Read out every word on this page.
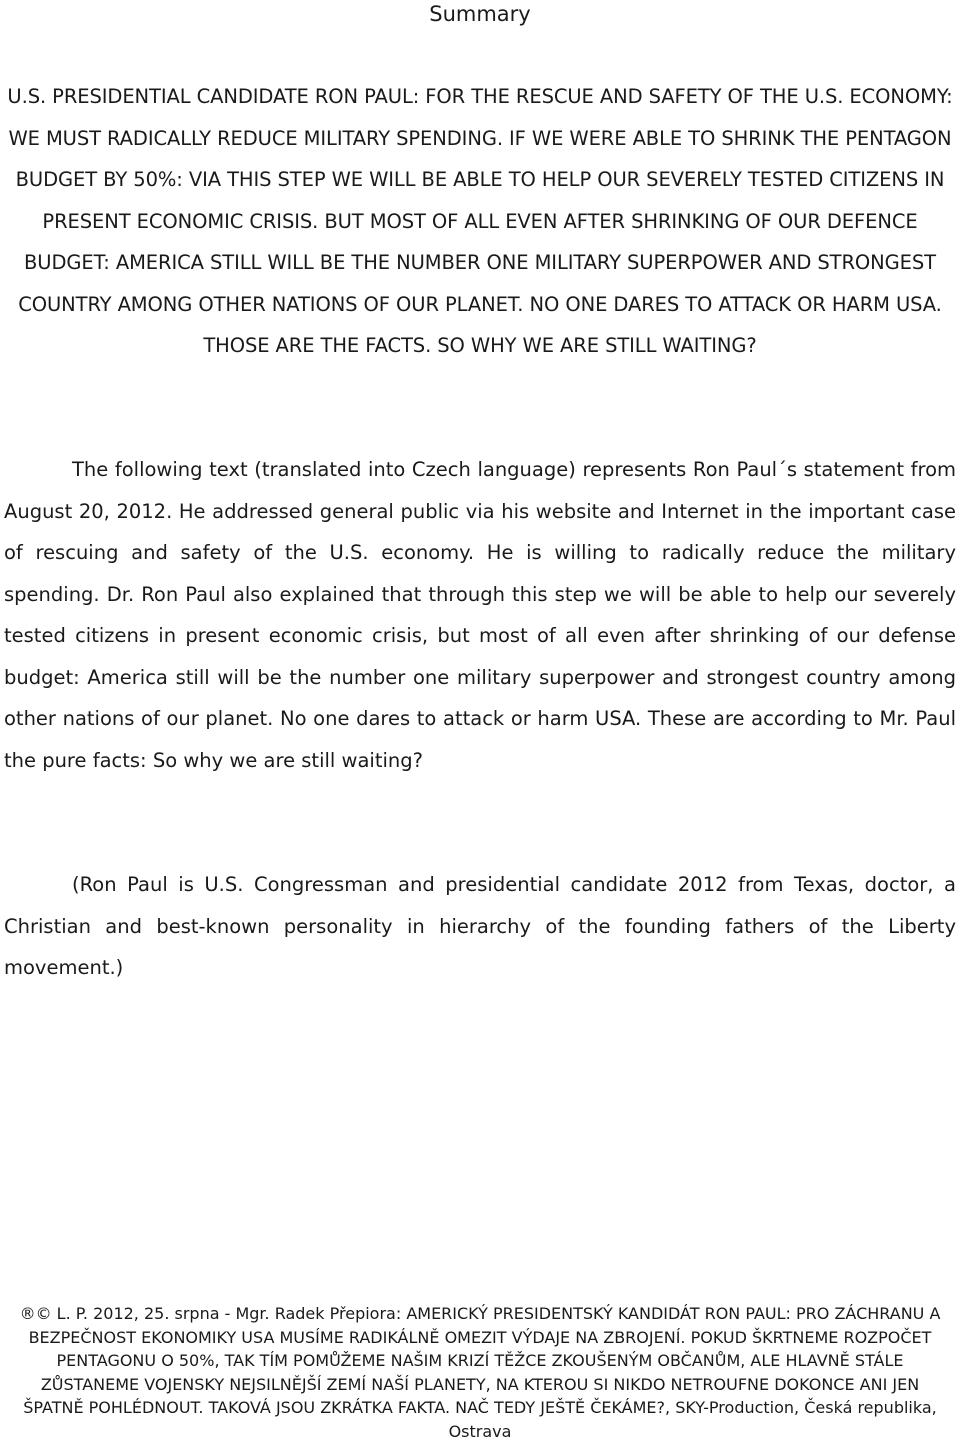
Summary

U.S. PRESIDENTIAL CANDIDATE RON PAUL: FOR THE RESCUE AND SAFETY OF THE U.S. ECONOMY: WE MUST RADICALLY REDUCE MILITARY SPENDING. IF WE WERE ABLE TO SHRINK THE PENTAGON BUDGET BY 50%: VIA THIS STEP WE WILL BE ABLE TO HELP OUR SEVERELY TESTED CITIZENS IN PRESENT ECONOMIC CRISIS. BUT MOST OF ALL EVEN AFTER SHRINKING OF OUR DEFENCE BUDGET: AMERICA STILL WILL BE THE NUMBER ONE MILITARY SUPERPOWER AND STRONGEST COUNTRY AMONG OTHER NATIONS OF OUR PLANET. NO ONE DARES TO ATTACK OR HARM USA. THOSE ARE THE FACTS. SO WHY WE ARE STILL WAITING?

The following text (translated into Czech language) represents Ron Paul´s statement from August 20, 2012. He addressed general public via his website and Internet in the important case of rescuing and safety of the U.S. economy. He is willing to radically reduce the military spending. Dr. Ron Paul also explained that through this step we will be able to help our severely tested citizens in present economic crisis, but most of all even after shrinking of our defense budget: America still will be the number one military superpower and strongest country among other nations of our planet. No one dares to attack or harm USA. These are according to Mr. Paul the pure facts: So why we are still waiting?

(Ron Paul is U.S. Congressman and presidential candidate 2012 from Texas, doctor, a Christian and best-known personality in hierarchy of the founding fathers of the Liberty movement.)

®© L. P. 2012, 25. srpna - Mgr. Radek Přepiora: AMERICKÝ PRESIDENTSKÝ KANDIDÁT RON PAUL: PRO ZÁCHRANU A BEZPEČNOST EKONOMIKY USA MUSÍME RADIKÁLNĚ OMEZIT VÝDAJE NA ZBROJENÍ. POKUD ŠKRTNEME ROZPOČET PENTAGONU O 50%, TAK TÍM POMŮŽEME NAŠIM KRIZÍ TĚŽCE ZKOUŠENÝM OBČANŮM, ALE HLAVNĚ STÁLE ZŮSTANEME VOJENSKY NEJSILNĚJŠÍ ZEMÍ NAŠÍ PLANETY, NA KTEROU SI NIKDO NETROUFNE DOKONCE ANI JEN ŠPATNĚ POHLÉDNOUT. TAKOVÁ JSOU ZKRÁTKA FAKTA. NAČ TEDY JEŠTĚ ČEKÁME?, SKY-Production, Česká republika, Ostrava
